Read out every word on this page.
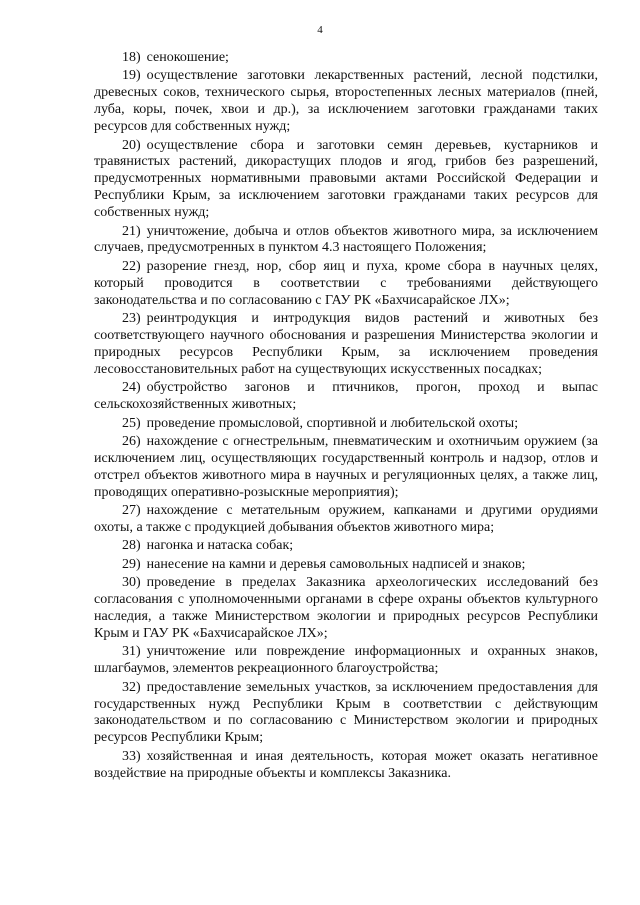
4

18) сенокошение;

19) осуществление заготовки лекарственных растений, лесной подстилки, древесных соков, технического сырья, второстепенных лесных материалов (пней, луба, коры, почек, хвои и др.), за исключением заготовки гражданами таких ресурсов для собственных нужд;

20) осуществление сбора и заготовки семян деревьев, кустарников и травянистых растений, дикорастущих плодов и ягод, грибов без разрешений, предусмотренных нормативными правовыми актами Российской Федерации и Республики Крым, за исключением заготовки гражданами таких ресурсов для собственных нужд;

21) уничтожение, добыча и отлов объектов животного мира, за исключением случаев, предусмотренных в пунктом 4.3 настоящего Положения;

22) разорение гнезд, нор, сбор яиц и пуха, кроме сбора в научных целях, который проводится в соответствии с требованиями действующего законодательства и по согласованию с ГАУ РК «Бахчисарайское ЛХ»;

23) реинтродукция и интродукция видов растений и животных без соответствующего научного обоснования и разрешения Министерства экологии и природных ресурсов Республики Крым, за исключением проведения лесовосстановительных работ на существующих искусственных посадках;

24) обустройство загонов и птичников, прогон, проход и выпас сельскохозяйственных животных;

25) проведение промысловой, спортивной и любительской охоты;

26) нахождение с огнестрельным, пневматическим и охотничьим оружием (за исключением лиц, осуществляющих государственный контроль и надзор, отлов и отстрел объектов животного мира в научных и регуляционных целях, а также лиц, проводящих оперативно-розыскные мероприятия);

27) нахождение с метательным оружием, капканами и другими орудиями охоты, а также с продукцией добывания объектов животного мира;

28) нагонка и натаска собак;

29) нанесение на камни и деревья самовольных надписей и знаков;

30) проведение в пределах Заказника археологических исследований без согласования с уполномоченными органами в сфере охраны объектов культурного наследия, а также Министерством экологии и природных ресурсов Республики Крым и ГАУ РК «Бахчисарайское ЛХ»;

31) уничтожение или повреждение информационных и охранных знаков, шлагбаумов, элементов рекреационного благоустройства;

32) предоставление земельных участков, за исключением предоставления для государственных нужд Республики Крым в соответствии с действующим законодательством и по согласованию с Министерством экологии и природных ресурсов Республики Крым;

33) хозяйственная и иная деятельность, которая может оказать негативное воздействие на природные объекты и комплексы Заказника.
